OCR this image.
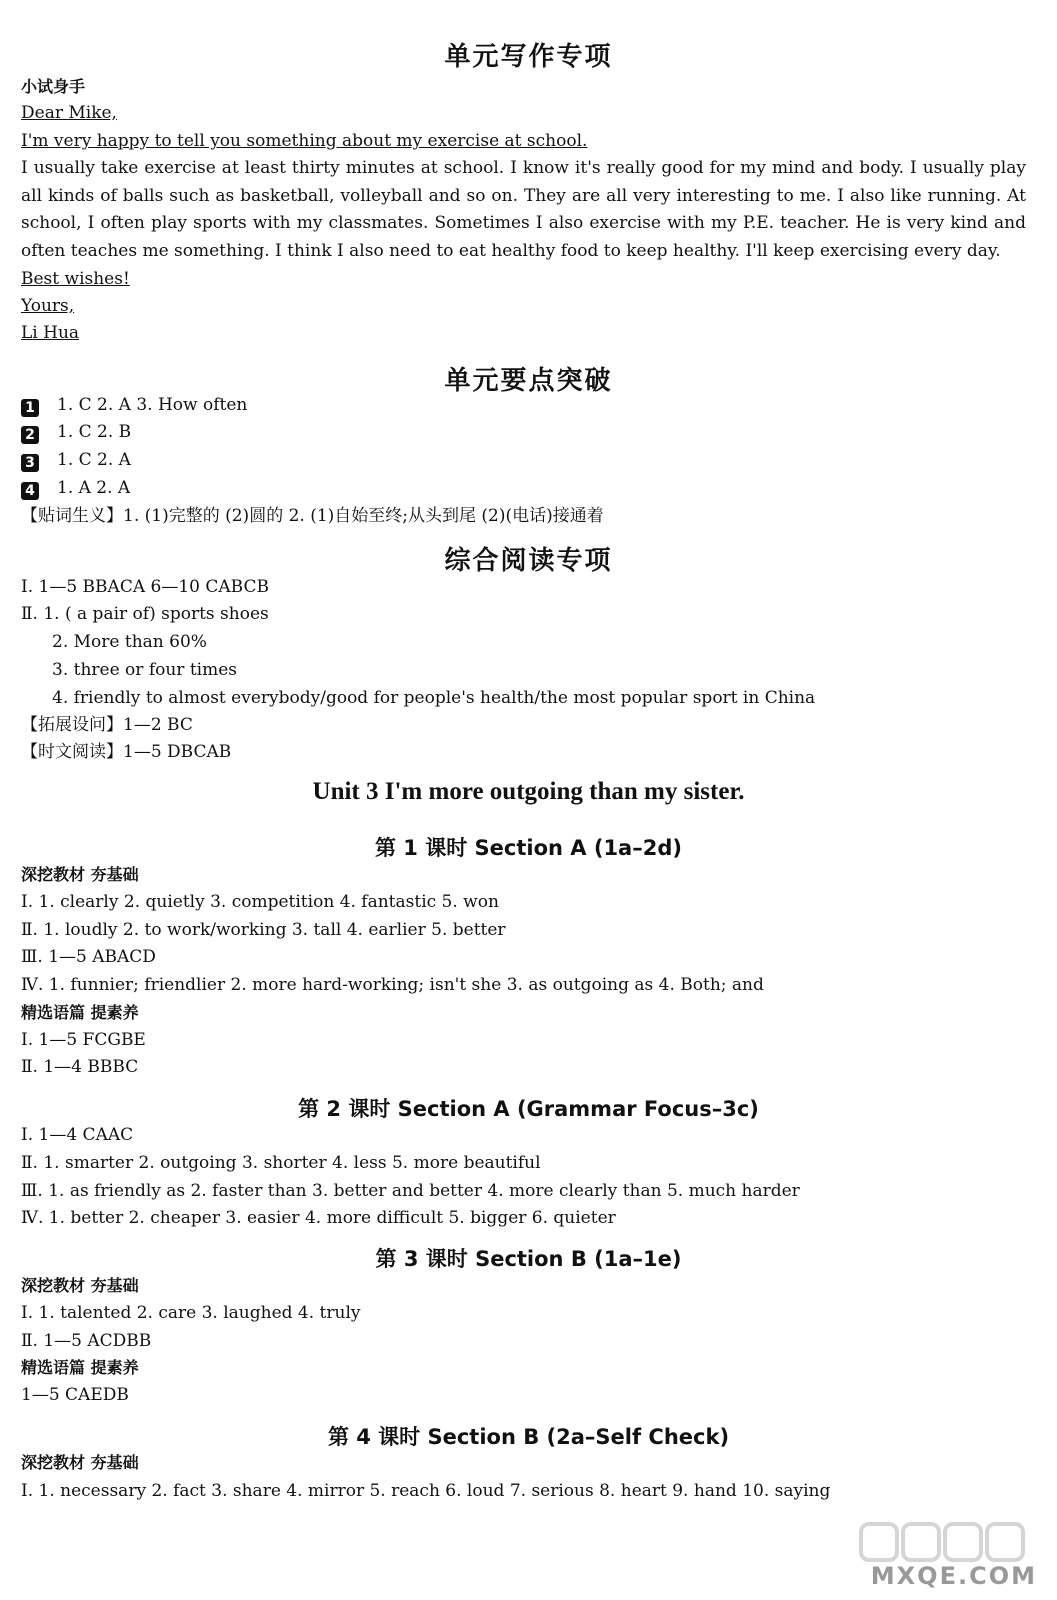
单元写作专项
小试身手
Dear Mike,
I'm very happy to tell you something about my exercise at school.
I usually take exercise at least thirty minutes at school. I know it's really good for my mind and body. I usually play all kinds of balls such as basketball, volleyball and so on. They are all very interesting to me. I also like running. At school, I often play sports with my classmates. Sometimes I also exercise with my P.E. teacher. He is very kind and often teaches me something. I think I also need to eat healthy food to keep healthy. I'll keep exercising every day.
Best wishes!
Yours,
Li Hua
单元要点突破
1 1. C 2. A 3. How often
2 1. C 2. B
3 1. C 2. A
4 1. A 2. A
【贴词生义】1. (1)完整的 (2)圆的 2. (1)自始至终;从头到尾 (2)(电话)接通着
综合阅读专项
Ⅰ. 1—5 BBACA 6—10 CABCB
Ⅱ. 1. ( a pair of) sports shoes
2. More than 60%
3. three or four times
4. friendly to almost everybody/good for people's health/the most popular sport in China
【拓展设问】1—2 BC
【时文阅读】1—5 DBCAB
Unit 3 I'm more outgoing than my sister.
第 1 课时 Section A (1a–2d)
深挖教材 夯基础
Ⅰ. 1. clearly 2. quietly 3. competition 4. fantastic 5. won
Ⅱ. 1. loudly 2. to work/working 3. tall 4. earlier 5. better
Ⅲ. 1—5 ABACD
Ⅳ. 1. funnier; friendlier 2. more hard-working; isn't she 3. as outgoing as 4. Both; and
精选语篇 提素养
Ⅰ. 1—5 FCGBE
Ⅱ. 1—4 BBBC
第 2 课时 Section A (Grammar Focus–3c)
Ⅰ. 1—4 CAAC
Ⅱ. 1. smarter 2. outgoing 3. shorter 4. less 5. more beautiful
Ⅲ. 1. as friendly as 2. faster than 3. better and better 4. more clearly than 5. much harder
Ⅳ. 1. better 2. cheaper 3. easier 4. more difficult 5. bigger 6. quieter
第 3 课时 Section B (1a–1e)
深挖教材 夯基础
Ⅰ. 1. talented 2. care 3. laughed 4. truly
Ⅱ. 1—5 ACDBB
精选语篇 提素养
1—5 CAEDB
第 4 课时 Section B (2a–Self Check)
深挖教材 夯基础
Ⅰ. 1. necessary 2. fact 3. share 4. mirror 5. reach 6. loud 7. serious 8. heart 9. hand 10. saying
MXQE.COM
